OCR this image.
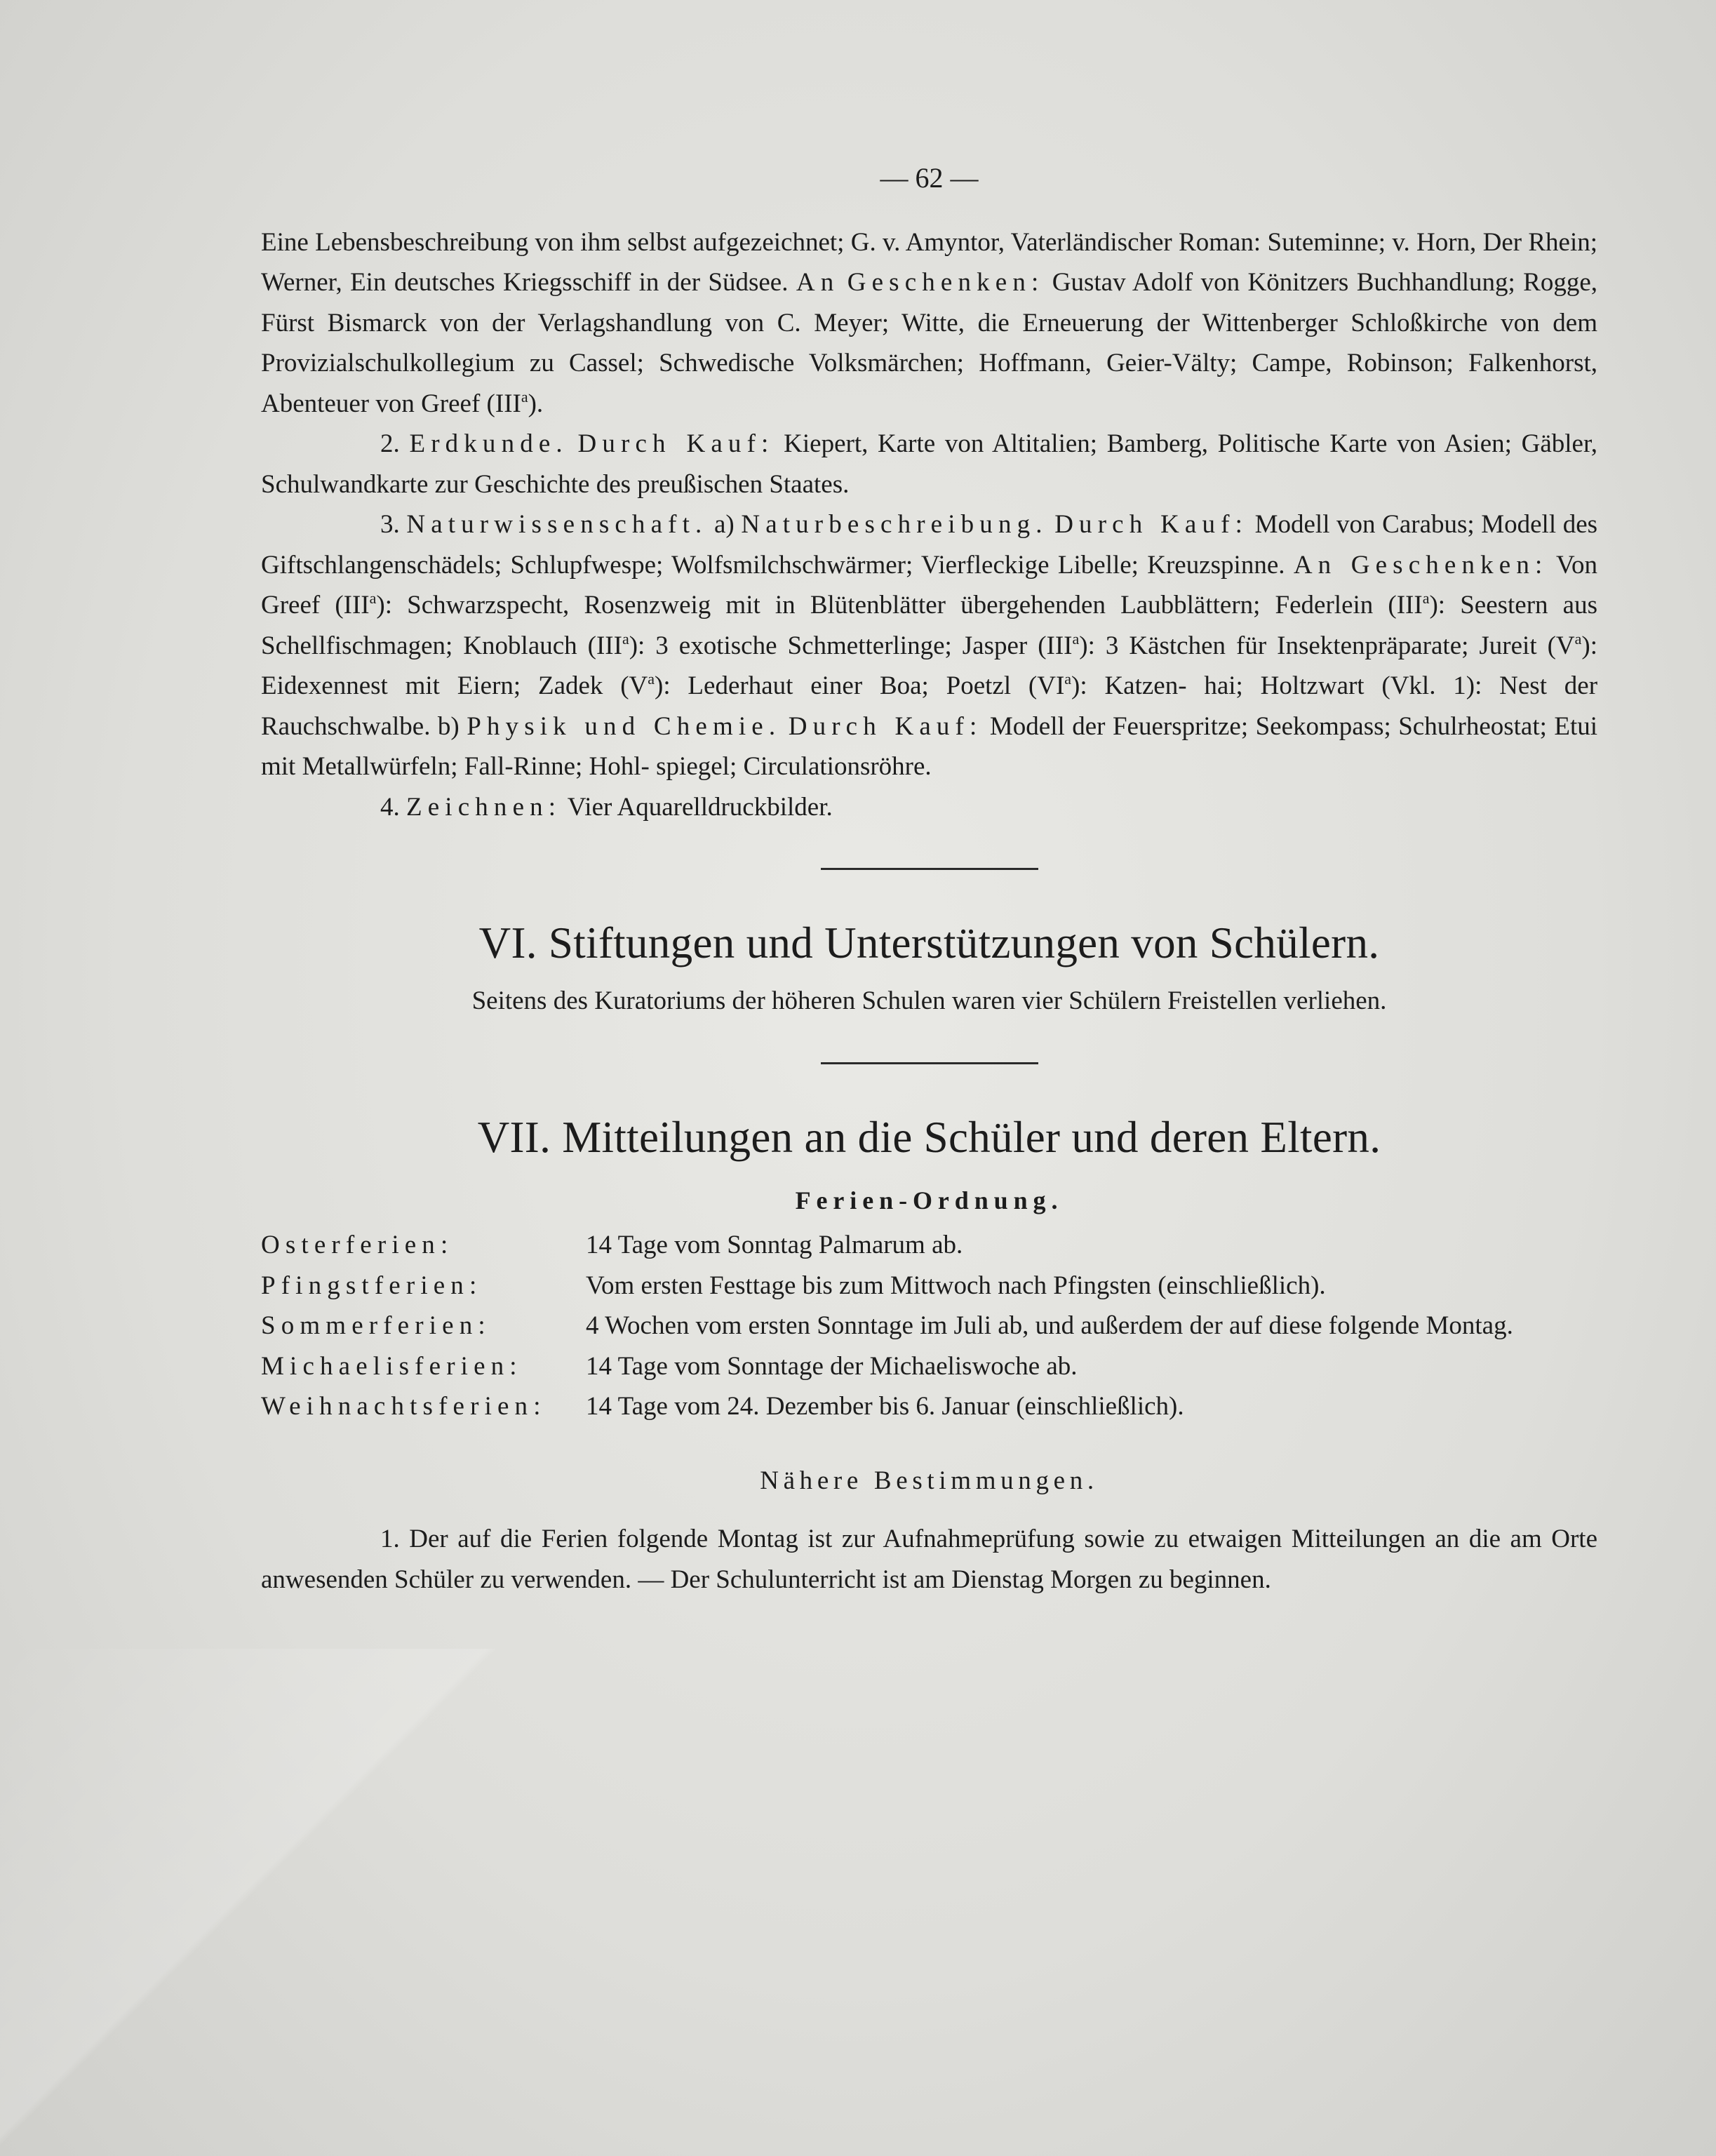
— 62 —

Eine Lebensbeschreibung von ihm selbst aufgezeichnet; G. v. Amyntor, Vaterländischer Roman: Suteminne; v. Horn, Der Rhein; Werner, Ein deutsches Kriegsschiff in der Südsee. An Geschenken: Gustav Adolf von Könitzers Buchhandlung; Rogge, Fürst Bismarck von der Verlagshandlung von C. Meyer; Witte, die Erneuerung der Wittenberger Schloßkirche von dem Provizialschulkollegium zu Cassel; Schwedische Volksmärchen; Hoffmann, Geier-Välty; Campe, Robinson; Falkenhorst, Abenteuer von Greef (III$^a$).

2. Erdkunde. Durch Kauf: Kiepert, Karte von Altitalien; Bamberg, Politische Karte von Asien; Gäbler, Schulwandkarte zur Geschichte des preußischen Staates.

3. Naturwissenschaft. a) Naturbeschreibung. Durch Kauf: Modell von Carabus; Modell des Giftschlangenschädels; Schlupfwespe; Wolfsmilchschwärmer; Vierfleckige Libelle; Kreuzspinne. An Geschenken: Von Greef (III$^a$): Schwarzspecht, Rosenzweig mit in Blütenblätter übergehenden Laubblättern; Federlein (III$^a$): Seestern aus Schellfischmagen; Knoblauch (III$^a$): 3 exotische Schmetterlinge; Jasper (III$^a$): 3 Kästchen für Insektenpräparate; Jureit $(V^a)$: Eidexennest mit Eiern; Zadek $(V^a)$: Lederhaut einer Boa; Poetzl $(VI^a)$: Katzen- hai; Holtzwart (Vkl. 1): Nest der Rauchschwalbe. b) Physik und Chemie. Durch Kauf: Modell der Feuerspritze; Seekompass; Schulrheostat; Etui mit Metallwürfeln; Fall-Rinne; Hohl- spiegel; Circulationsröhre.

4. Zeichnen: Vier Aquarelldruckbilder.

VI. Stiftungen und Unterstützungen von Schülern.

Seitens des Kuratoriums der höheren Schulen waren vier Schülern Freistellen verliehen.

VII. Mitteilungen an die Schüler und deren Eltern.
Ferien-Ordnung.
Osterferien:	14 Tage vom Sonntag Palmarum ab.
Pfingstferien:	Vom ersten Festtage bis zum Mittwoch nach Pfingsten (einschließlich).
Sommerferien:	4 Wochen vom ersten Sonntage im Juli ab, und außerdem der auf diese folgende Montag.
Michaelisferien:	14 Tage vom Sonntage der Michaeliswoche ab.
Weihnachtsferien:	14 Tage vom 24. Dezember bis 6. Januar (einschließlich).
Nähere Bestimmungen.

1. Der auf die Ferien folgende Montag ist zur Aufnahmeprüfung sowie zu etwaigen Mitteilungen an die am Orte anwesenden Schüler zu verwenden. — Der Schulunterricht ist am Dienstag Morgen zu beginnen.
